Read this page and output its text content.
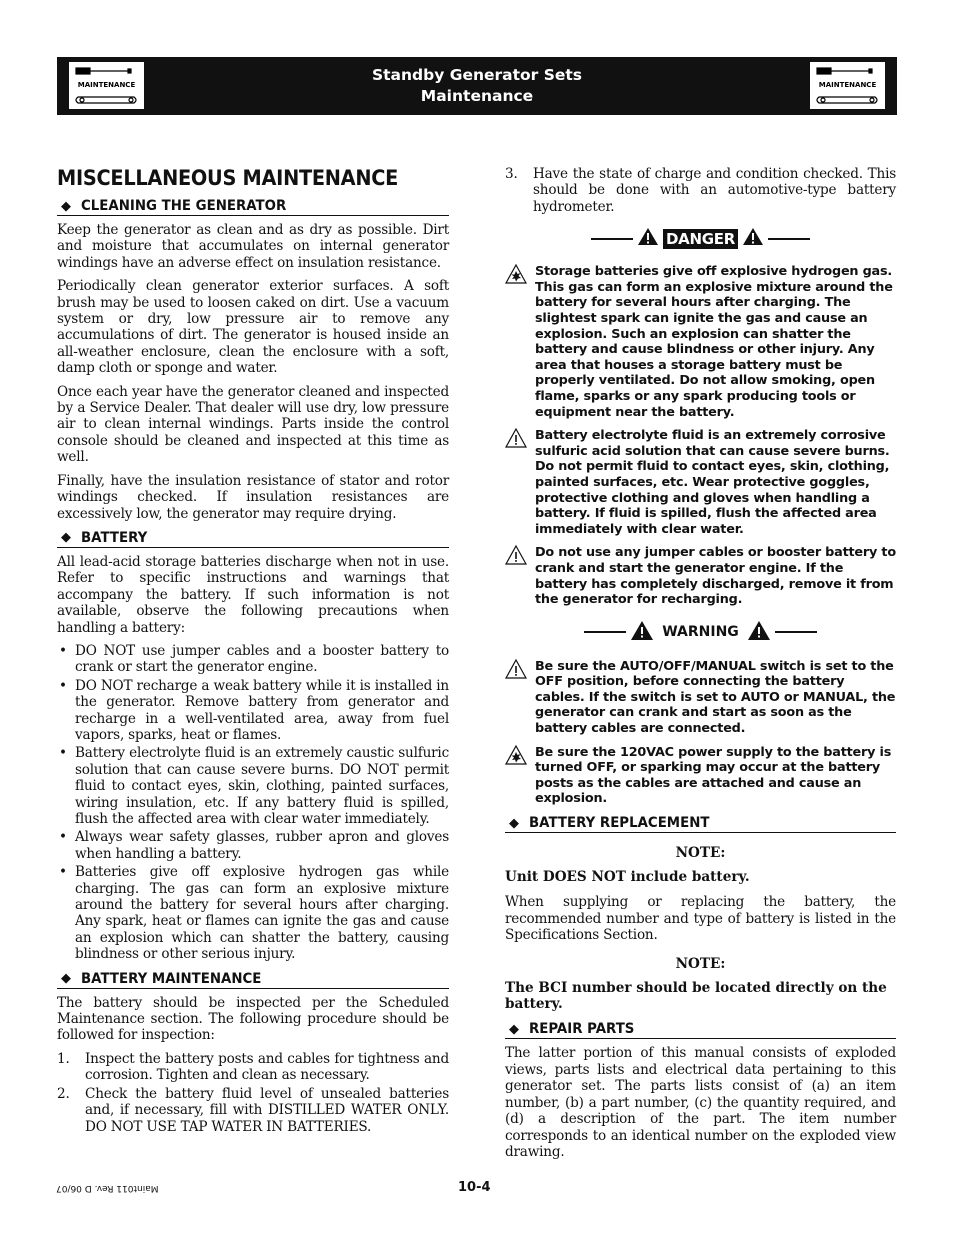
MAINTENANCE
Standby Generator Sets
Maintenance
MAINTENANCE
MISCELLANEOUS MAINTENANCE
◆ CLEANING THE GENERATOR

Keep the generator as clean and as dry as possible. Dirt and moisture that accumulates on internal generator windings have an adverse effect on insulation resistance.

Periodically clean generator exterior surfaces. A soft brush may be used to loosen caked on dirt. Use a vacuum system or dry, low pressure air to remove any accumulations of dirt. The generator is housed inside an all-weather enclosure, clean the enclosure with a soft, damp cloth or sponge and water.

Once each year have the generator cleaned and inspected by a Service Dealer. That dealer will use dry, low pressure air to clean internal windings. Parts inside the control console should be cleaned and inspected at this time as well.

Finally, have the insulation resistance of stator and rotor windings checked. If insulation resistances are excessively low, the generator may require drying.

◆ BATTERY

All lead-acid storage batteries discharge when not in use. Refer to specific instructions and warnings that accompany the battery. If such information is not available, observe the following precautions when handling a battery:

• DO NOT use jumper cables and a booster battery to crank or start the generator engine.
• DO NOT recharge a weak battery while it is installed in the generator. Remove battery from generator and recharge in a well-ventilated area, away from fuel vapors, sparks, heat or flames.
• Battery electrolyte fluid is an extremely caustic sulfuric solution that can cause severe burns. DO NOT permit fluid to contact eyes, skin, clothing, painted surfaces, wiring insulation, etc. If any battery fluid is spilled, flush the affected area with clear water immediately.
• Always wear safety glasses, rubber apron and gloves when handling a battery.
• Batteries give off explosive hydrogen gas while charging. The gas can form an explosive mixture around the battery for several hours after charging. Any spark, heat or flames can ignite the gas and cause an explosion which can shatter the battery, causing blindness or other serious injury.
◆ BATTERY MAINTENANCE

The battery should be inspected per the Scheduled Maintenance section. The following procedure should be followed for inspection:

1. Inspect the battery posts and cables for tightness and corrosion. Tighten and clean as necessary.
2. Check the battery fluid level of unsealed batteries and, if necessary, fill with DISTILLED WATER ONLY. DO NOT USE TAP WATER IN BATTERIES.
3. Have the state of charge and condition checked. This should be done with an automotive-type battery hydrometer.
DANGER
Storage batteries give off explosive hydrogen gas. This gas can form an explosive mixture around the battery for several hours after charging. The slightest spark can ignite the gas and cause an explosion. Such an explosion can shatter the battery and cause blindness or other injury. Any area that houses a storage battery must be properly ventilated. Do not allow smoking, open flame, sparks or any spark producing tools or equipment near the battery.
Battery electrolyte fluid is an extremely corrosive sulfuric acid solution that can cause severe burns. Do not permit fluid to contact eyes, skin, clothing, painted surfaces, etc. Wear protective goggles, protective clothing and gloves when handling a battery. If fluid is spilled, flush the affected area immediately with clear water.
Do not use any jumper cables or booster battery to crank and start the generator engine. If the battery has completely discharged, remove it from the generator for recharging.
WARNING
Be sure the AUTO/OFF/MANUAL switch is set to the OFF position, before connecting the battery cables. If the switch is set to AUTO or MANUAL, the generator can crank and start as soon as the battery cables are connected.
Be sure the 120VAC power supply to the battery is turned OFF, or sparking may occur at the battery posts as the cables are attached and cause an explosion.
◆ BATTERY REPLACEMENT
NOTE:
Unit DOES NOT include battery.

When supplying or replacing the battery, the recommended number and type of battery is listed in the Specifications Section.

NOTE:
The BCI number should be located directly on the battery.
◆ REPAIR PARTS

The latter portion of this manual consists of exploded views, parts lists and electrical data pertaining to this generator set. The parts lists consist of (a) an item number, (b) a part number, (c) the quantity required, and (d) a description of the part. The item number corresponds to an identical number on the exploded view drawing.

Maint011 Rev. D 06/07	10-4
